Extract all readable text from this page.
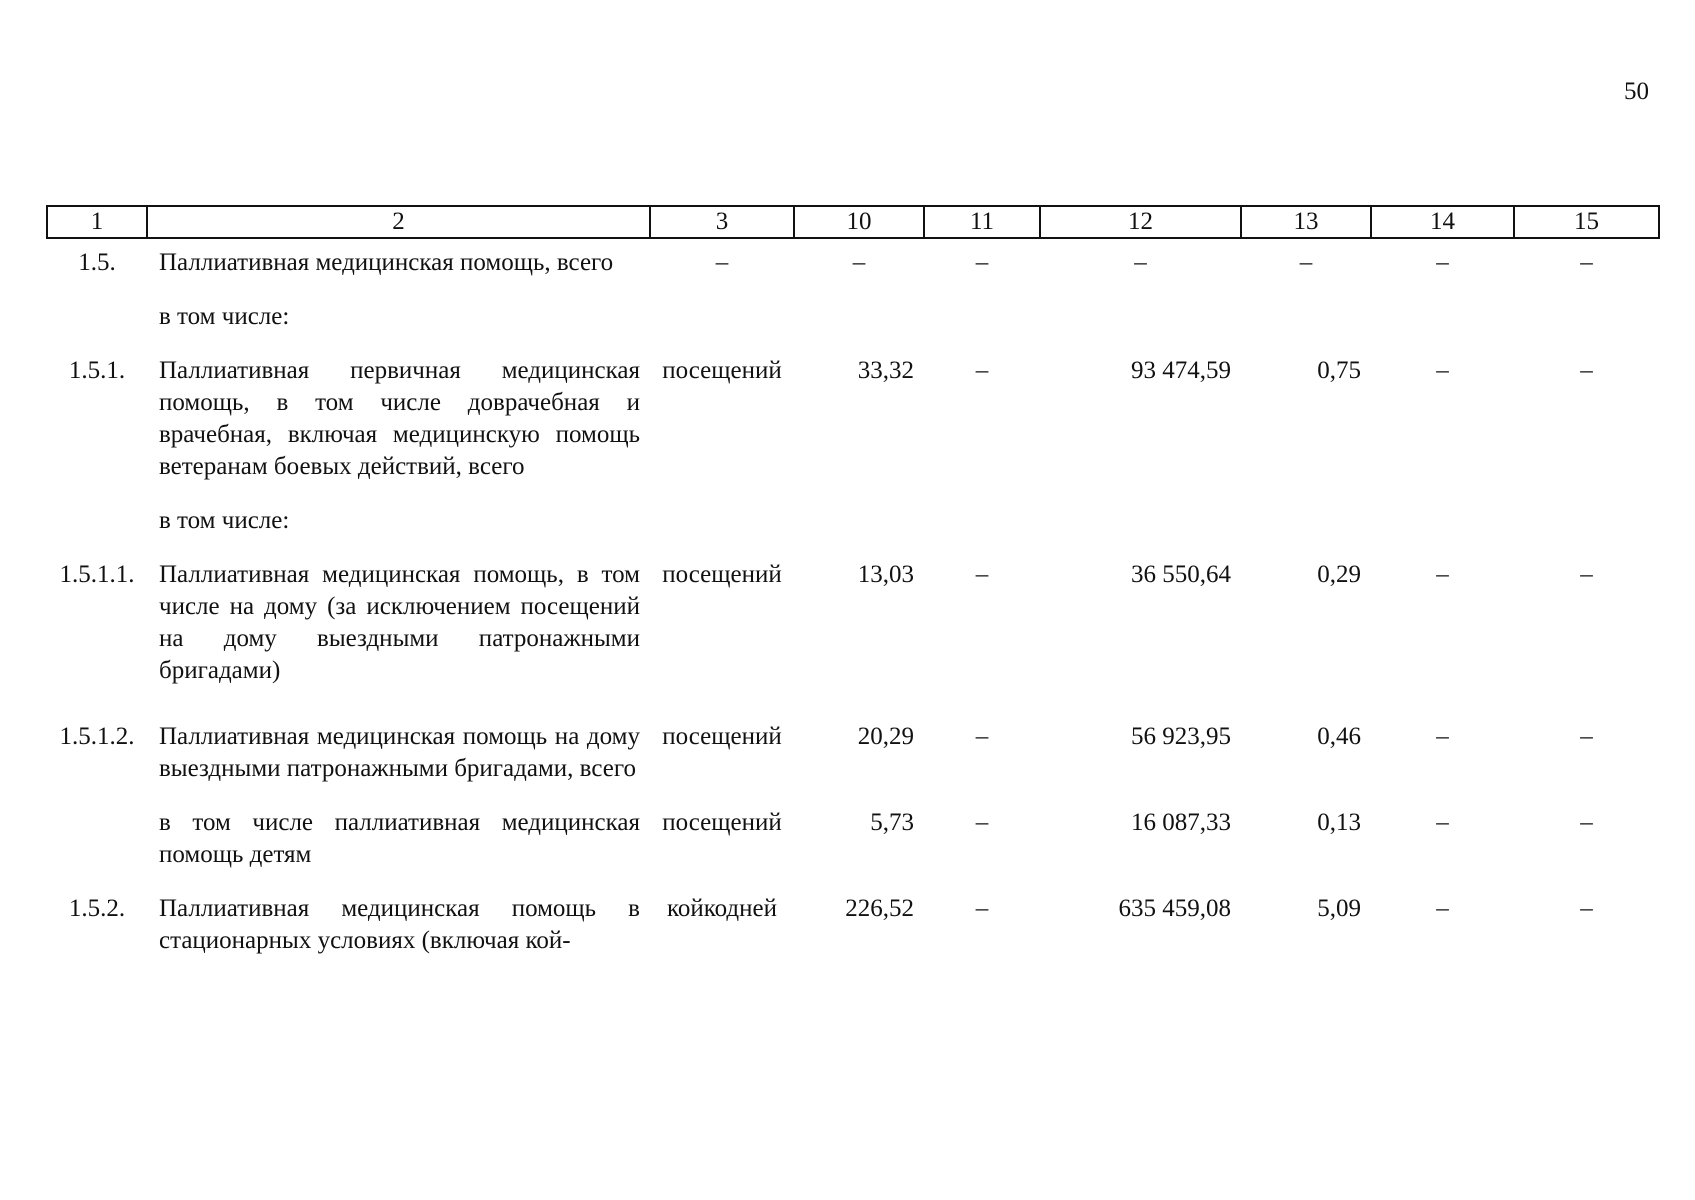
50
1	2	3	10	11	12	13	14	15
1.5.	Паллиативная медицинская помощь, всего	–	–	–	–	–	–	–
	в том числе:							
1.5.1.	Паллиативная первичная медицинская помощь, в том числе доврачебная и врачебная, включая медицинскую помощь ветеранам боевых действий, всего	посещений	33,32	–	93 474,59	0,75	–	–
	в том числе:							
1.5.1.1.	Паллиативная медицинская помощь, в том числе на дому (за исключением посещений на дому выездными патронажными бригадами)	посещений	13,03	–	36 550,64	0,29	–	–
1.5.1.2.	Паллиативная медицинская помощь на дому выездными патронажными бригадами, всего	посещений	20,29	–	56 923,95	0,46	–	–
	в том числе паллиативная медицинская помощь детям	посещений	5,73	–	16 087,33	0,13	–	–
1.5.2.	Паллиативная медицинская помощь в стационарных условиях (включая кой-	койкодней	226,52	–	635 459,08	5,09	–	–
